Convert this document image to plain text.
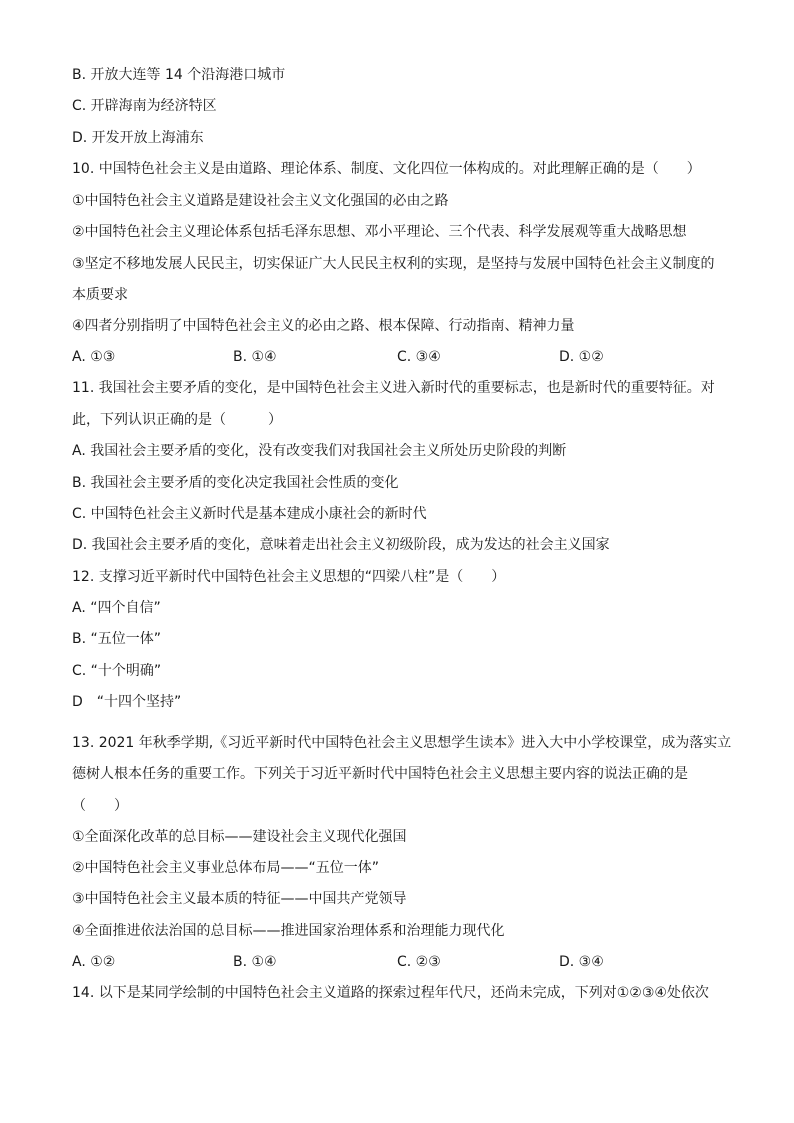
B. 开放大连等 14 个沿海港口城市
C. 开辟海南为经济特区
D. 开发开放上海浦东
10. 中国特色社会主义是由道路、理论体系、制度、文化四位一体构成的。对此理解正确的是（　　）
①中国特色社会主义道路是建设社会主义文化强国的必由之路
②中国特色社会主义理论体系包括毛泽东思想、邓小平理论、三个代表、科学发展观等重大战略思想
③坚定不移地发展人民民主，切实保证广大人民民主权利的实现，是坚持与发展中国特色社会主义制度的
本质要求
④四者分别指明了中国特色社会主义的必由之路、根本保障、行动指南、精神力量
A. ①③	B. ①④	C. ③④	D. ①②
11. 我国社会主要矛盾的变化，是中国特色社会主义进入新时代的重要标志，也是新时代的重要特征。对
此，下列认识正确的是（　　　）
A. 我国社会主要矛盾的变化，没有改变我们对我国社会主义所处历史阶段的判断
B. 我国社会主要矛盾的变化决定我国社会性质的变化
C. 中国特色社会主义新时代是基本建成小康社会的新时代
D. 我国社会主要矛盾的变化，意味着走出社会主义初级阶段，成为发达的社会主义国家
12. 支撑习近平新时代中国特色社会主义思想的“四梁八柱”是（　　）
A. “四个自信”
B. “五位一体”
C. “十个明确”
D　“十四个坚持”
13. 2021 年秋季学期,《习近平新时代中国特色社会主义思想学生读本》进入大中小学校课堂，成为落实立
德树人根本任务的重要工作。下列关于习近平新时代中国特色社会主义思想主要内容的说法正确的是
（　　）
①全面深化改革的总目标——建设社会主义现代化强国
②中国特色社会主义事业总体布局——“五位一体”
③中国特色社会主义最本质的特征——中国共产党领导
④全面推进依法治国的总目标——推进国家治理体系和治理能力现代化
A. ①②	B. ①④	C. ②③	D. ③④
14. 以下是某同学绘制的中国特色社会主义道路的探索过程年代尺，还尚未完成，下列对①②③④处依次
